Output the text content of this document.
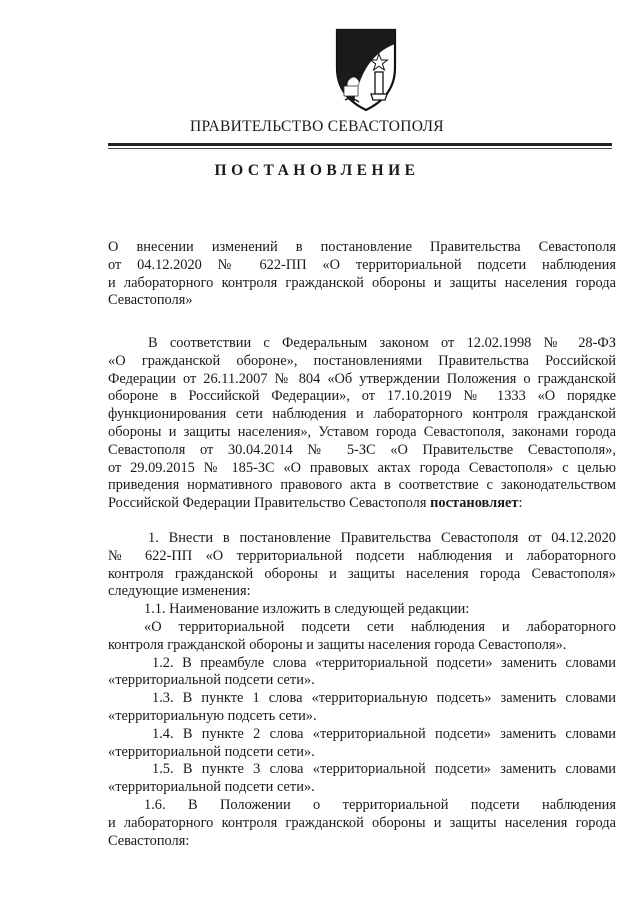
ПРАВИТЕЛЬСТВО СЕВАСТОПОЛЯ
ПОСТАНОВЛЕНИЕ
О внесении изменений в постановление Правительства Севастополя
от 04.12.2020 № 622-ПП «О территориальной подсети наблюдения
и лабораторного контроля гражданской обороны и защиты населения города
Севастополя»
В соответствии с Федеральным законом от 12.02.1998 № 28-ФЗ
«О гражданской обороне», постановлениями Правительства Российской
Федерации от 26.11.2007 № 804 «Об утверждении Положения о гражданской
обороне в Российской Федерации», от 17.10.2019 № 1333 «О порядке
функционирования сети наблюдения и лабораторного контроля гражданской
обороны и защиты населения», Уставом города Севастополя, законами города
Севастополя от 30.04.2014 № 5-ЗС «О Правительстве Севастополя»,
от 29.09.2015 № 185-ЗС «О правовых актах города Севастополя» с целью
приведения нормативного правового акта в соответствие с законодательством
Российской Федерации Правительство Севастополя постановляет:
1. Внести в постановление Правительства Севастополя от 04.12.2020
№ 622-ПП «О территориальной подсети наблюдения и лабораторного
контроля гражданской обороны и защиты населения города Севастополя»
следующие изменения:
1.1. Наименование изложить в следующей редакции:
«О территориальной подсети сети наблюдения и лабораторного
контроля гражданской обороны и защиты населения города Севастополя».
1.2. В преамбуле слова «территориальной подсети» заменить словами
«территориальной подсети сети».
1.3. В пункте 1 слова «территориальную подсеть» заменить словами
«территориальную подсеть сети».
1.4. В пункте 2 слова «территориальной подсети» заменить словами
«территориальной подсети сети».
1.5. В пункте 3 слова «территориальной подсети» заменить словами
«территориальной подсети сети».
1.6. В Положении о территориальной подсети наблюдения
и лабораторного контроля гражданской обороны и защиты населения города
Севастополя:
